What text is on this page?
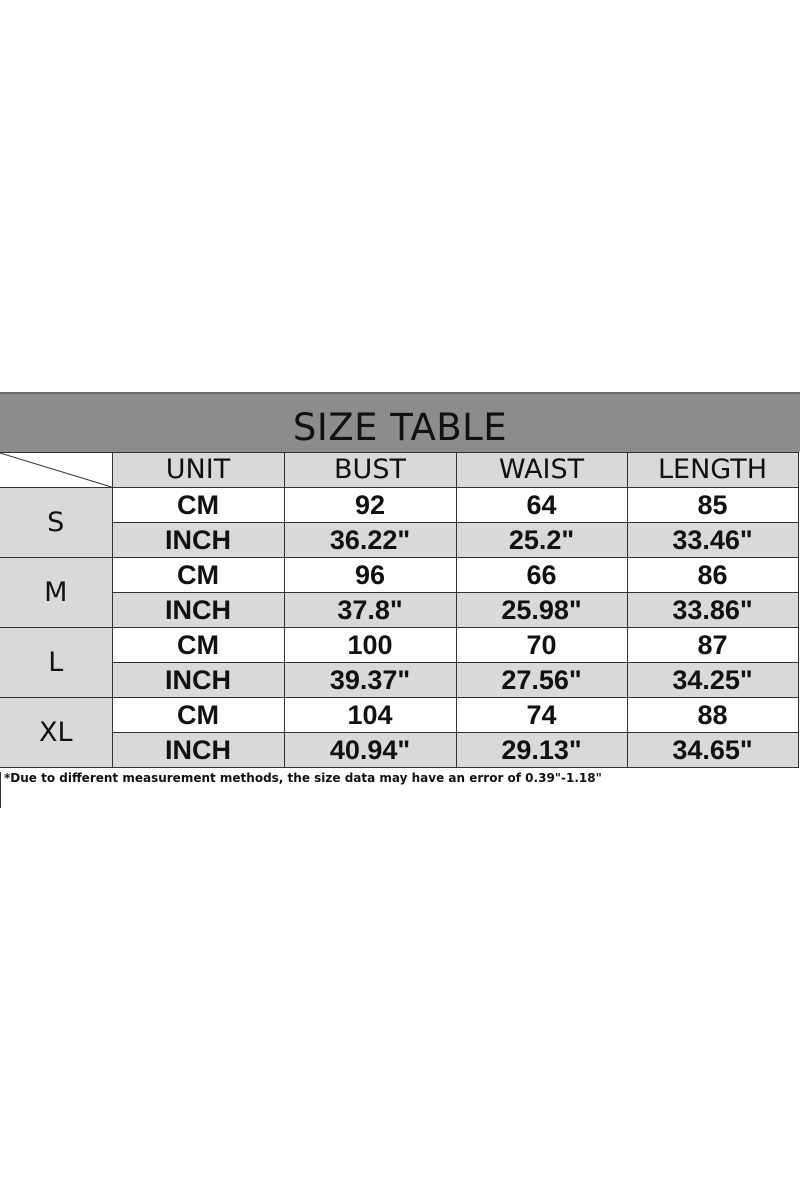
SIZE TABLE
	UNIT	BUST	WAIST	LENGTH
S	CM	92	64	85
	INCH	36.22"	25.2"	33.46"
M	CM	96	66	86
	INCH	37.8"	25.98"	33.86"
L	CM	100	70	87
	INCH	39.37"	27.56"	34.25"
XL	CM	104	74	88
	INCH	40.94"	29.13"	34.65"
*Due to different measurement methods, the size data may have an error of 0.39"-1.18"
